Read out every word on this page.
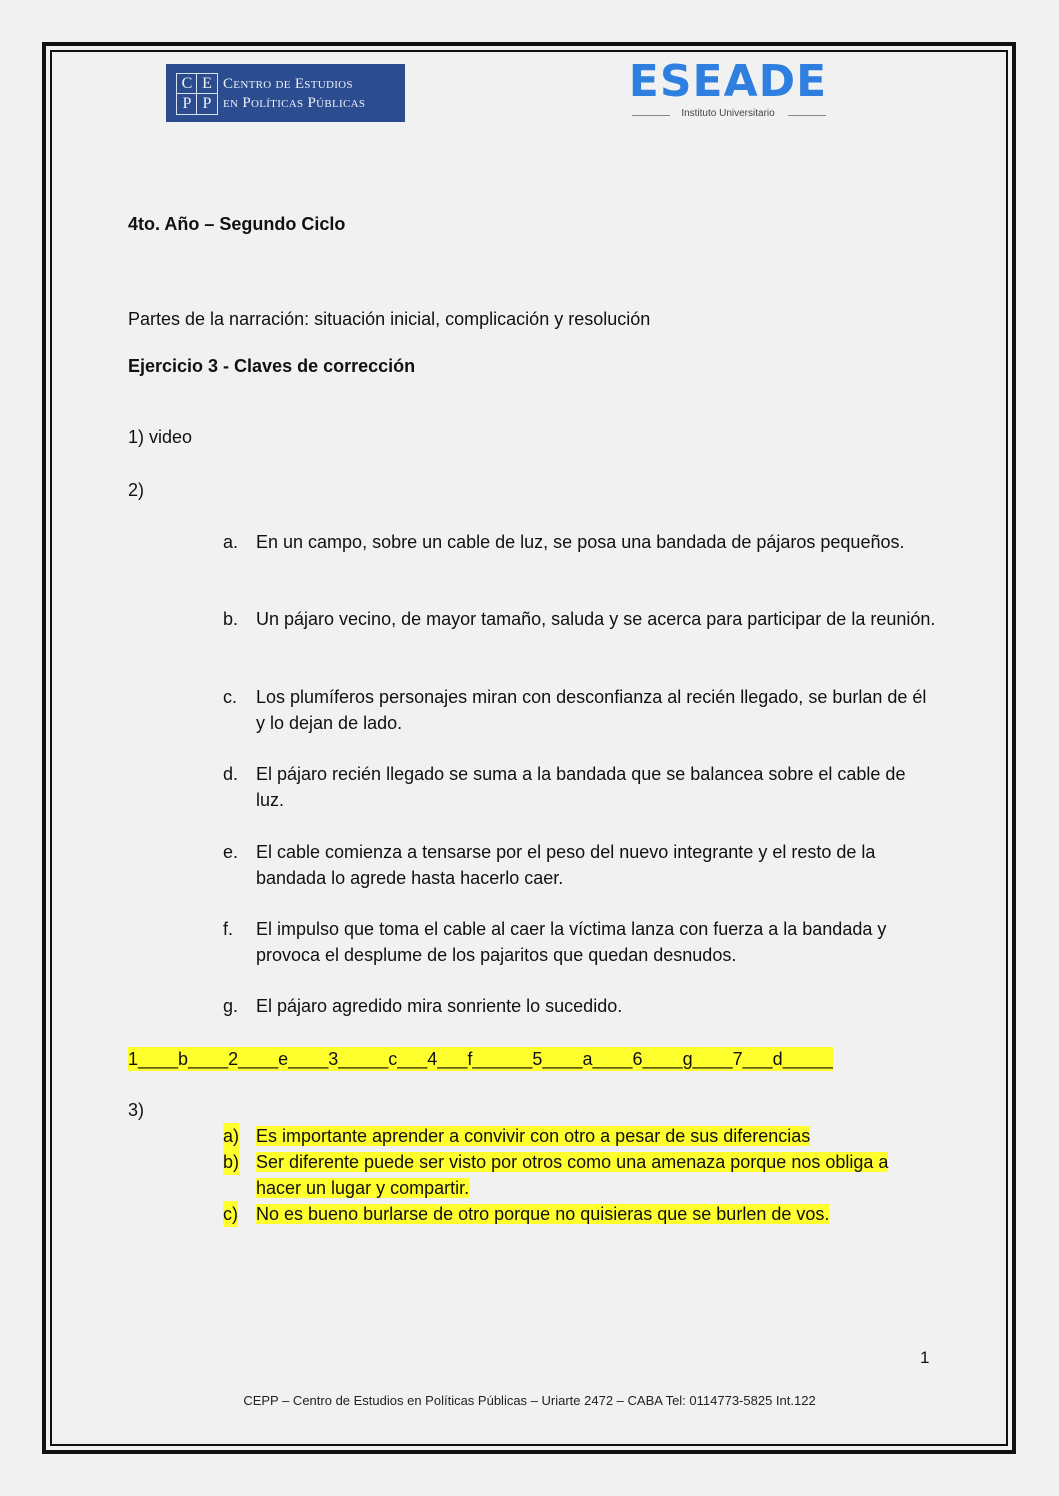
C E
P P
Centro de Estudios
en Políticas Públicas	ESEADE
Instituto Universitario
4to. Año – Segundo Ciclo
Partes de la narración: situación inicial, complicación y resolución
Ejercicio 3 - Claves de corrección
1) video
2)
a. En un campo, sobre un cable de luz, se posa una bandada de pájaros pequeños.
b. Un pájaro vecino, de mayor tamaño, saluda y se acerca para participar de la reunión.
c. Los plumíferos personajes miran con desconfianza al recién llegado, se burlan de él y lo dejan de lado.
d. El pájaro recién llegado se suma a la bandada que se balancea sobre el cable de luz.
e. El cable comienza a tensarse por el peso del nuevo integrante y el resto de la bandada lo agrede hasta hacerlo caer.
f. El impulso que toma el cable al caer la víctima lanza con fuerza a la bandada y provoca el desplume de los pajaritos que quedan desnudos.
g. El pájaro agredido mira sonriente lo sucedido.
1____b____2____e____3_____c___4___f______5____a____6____g____7___d_____
3)
a) Es importante aprender a convivir con otro a pesar de sus diferencias
b) Ser diferente puede ser visto por otros como una amenaza porque nos obliga a hacer un lugar y compartir.
c) No es bueno burlarse de otro porque no quisieras que se burlen de vos.
1
CEPP – Centro de Estudios en Políticas Públicas – Uriarte 2472 – CABA Tel: 0114773-5825 Int.122
